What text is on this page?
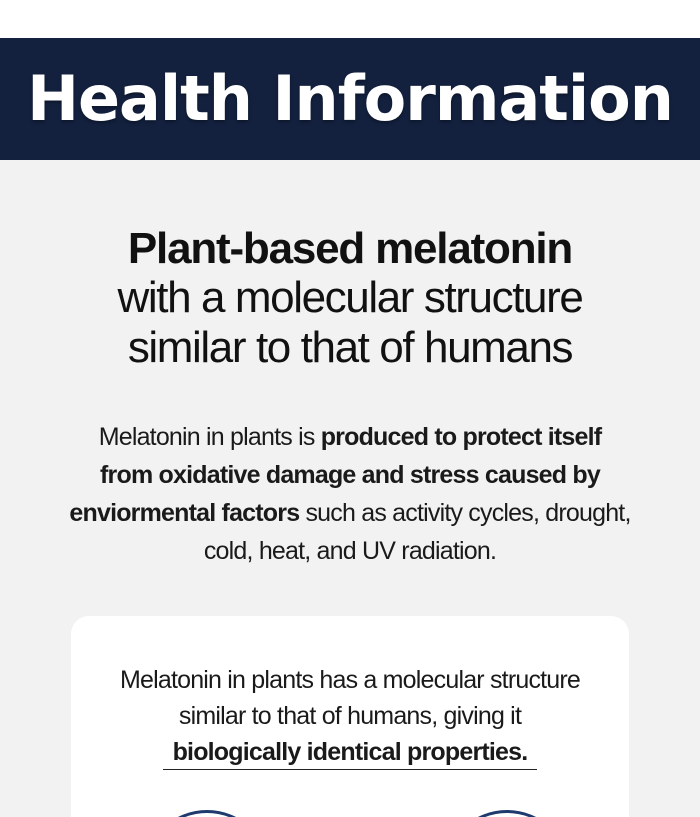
Health Information
Plant-based melatonin
with a molecular structure
similar to that of humans

Melatonin in plants is produced to protect itself
from oxidative damage and stress caused by
enviormental factors such as activity cycles, drought,
cold, heat, and UV radiation.

Melatonin in plants has a molecular structure
similar to that of humans, giving it
biologically identical properties.
